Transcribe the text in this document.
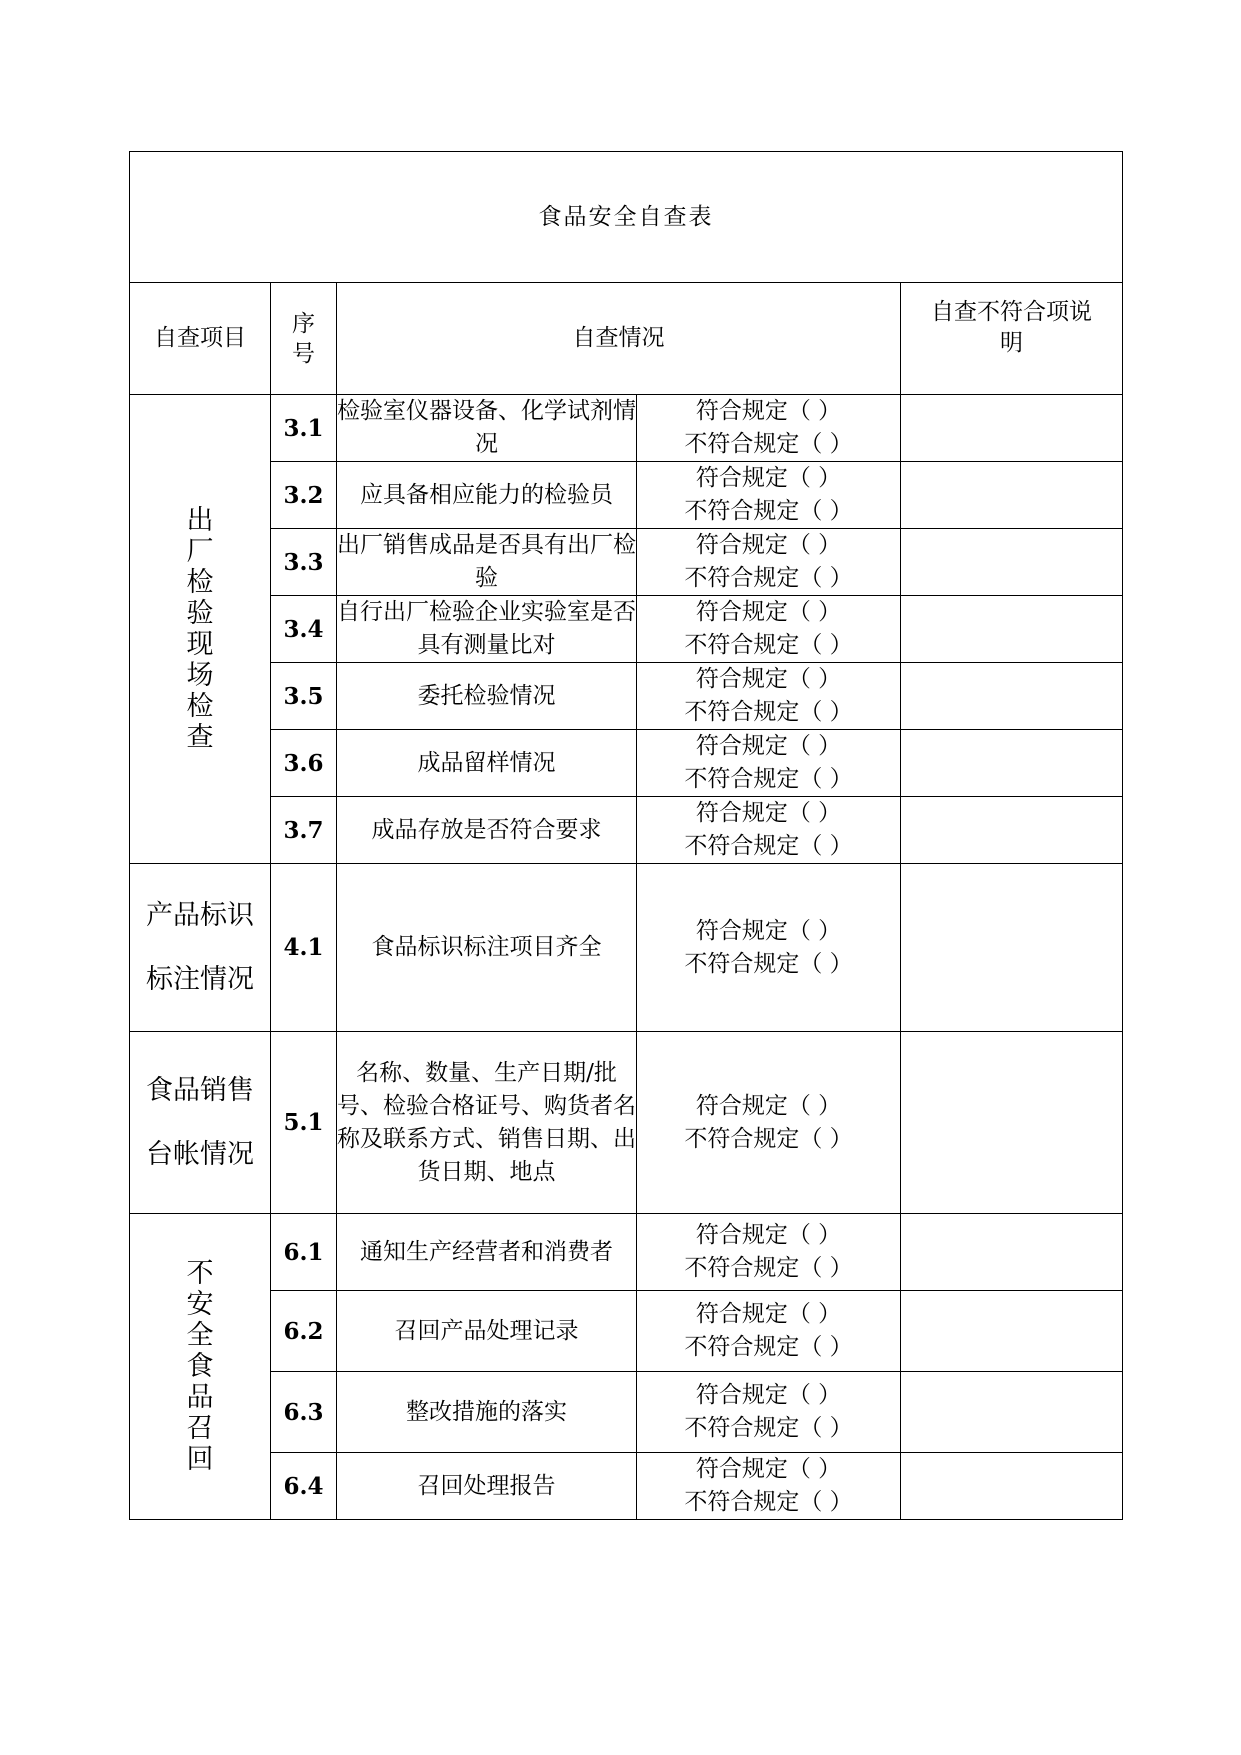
食品安全自查表				
自查项目	序号	自查情况		自查不符合项说明

出厂检验现场检查	3.1	检验室仪器设备、化学试剂情况	符合规定（ ）
不符合规定（ ）	

	3.2	应具备相应能力的检验员	符合规定（ ）
不符合规定（ ）	

	3.3	出厂销售成品是否具有出厂检验	符合规定（ ）
不符合规定（ ）	

	3.4	自行出厂检验企业实验室是否具有测量比对	符合规定（ ）
不符合规定（ ）	

	3.5	委托检验情况	符合规定（ ）
不符合规定（ ）	

	3.6	成品留样情况	符合规定（ ）
不符合规定（ ）	

	3.7	成品存放是否符合要求	符合规定（ ）
不符合规定（ ）	

产品标识标注情况	4.1	食品标识标注项目齐全	符合规定（ ）
不符合规定（ ）	

食品销售台帐情况	5.1	名称、数量、生产日期/批号、检验合格证号、购货者名称及联系方式、销售日期、出货日期、地点	符合规定（ ）
不符合规定（ ）	

不安全食品召回	6.1	通知生产经营者和消费者	符合规定（ ）
不符合规定（ ）	

	6.2	召回产品处理记录	符合规定（ ）
不符合规定（ ）	

	6.3	整改措施的落实	符合规定（ ）
不符合规定（ ）	

	6.4	召回处理报告	符合规定（ ）
不符合规定（ ）	
